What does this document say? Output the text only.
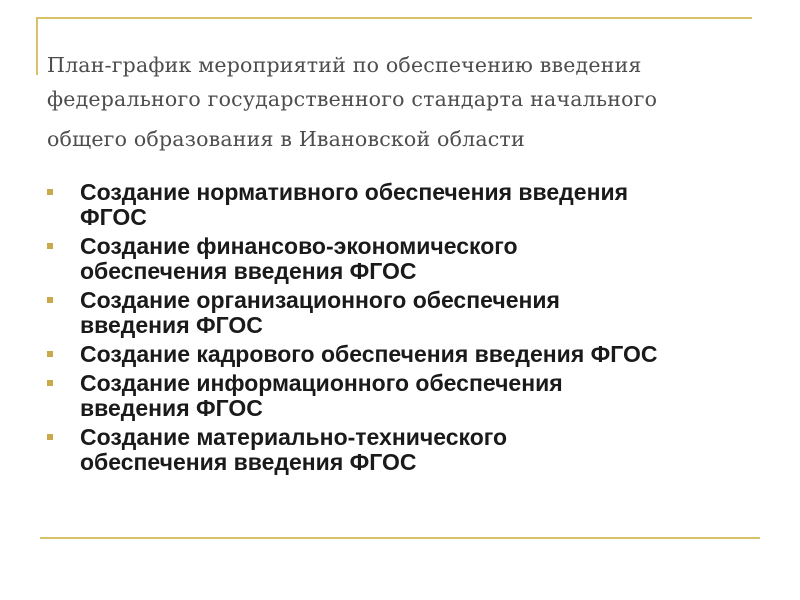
План-график мероприятий по обеспечению введения
федерального государственного стандарта начального
общего образования в Ивановской области
Создание нормативного обеспечения введения
ФГОС
Создание финансово-экономического
обеспечения введения ФГОС
Создание организационного обеспечения
введения ФГОС
Создание кадрового обеспечения введения ФГОС
Создание информационного обеспечения
введения ФГОС
Создание материально-технического
обеспечения введения ФГОС
